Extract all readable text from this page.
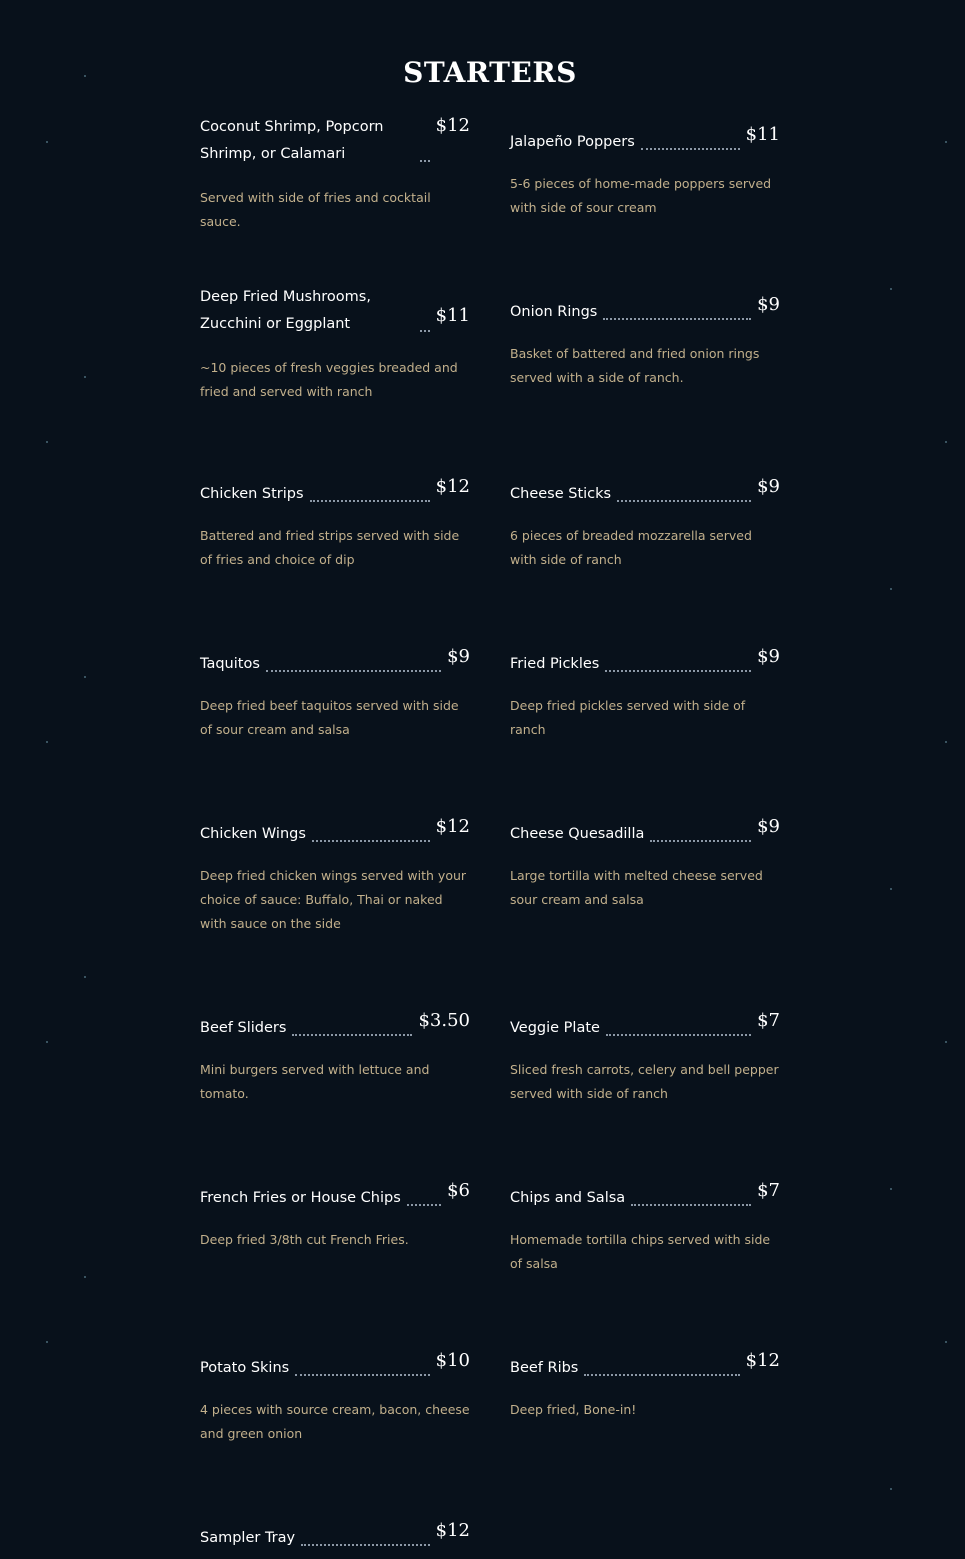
STARTERS
Coconut Shrimp, Popcorn Shrimp, or Calamari
$12
Served with side of fries and cocktail sauce.
Jalapeño Poppers	$11
5-6 pieces of home-made poppers served with side of sour cream
Deep Fried Mushrooms, Zucchini or Eggplant	$11
~10 pieces of fresh veggies breaded and fried and served with ranch
Onion Rings	$9
Basket of battered and fried onion rings served with a side of ranch.
Chicken Strips	$12
Battered and fried strips served with side of fries and choice of dip
Cheese Sticks	$9
6 pieces of breaded mozzarella served with side of ranch
Taquitos	$9
Deep fried beef taquitos served with side of sour cream and salsa
Fried Pickles	$9
Deep fried pickles served with side of ranch
Chicken Wings	$12
Deep fried chicken wings served with your choice of sauce: Buffalo, Thai or naked with sauce on the side
Cheese Quesadilla	$9
Large tortilla with melted cheese served sour cream and salsa
Beef Sliders	$3.50
Mini burgers served with lettuce and tomato.
Veggie Plate	$7
Sliced fresh carrots, celery and bell pepper served with side of ranch
French Fries or House Chips	$6
Deep fried 3/8th cut French Fries.
Chips and Salsa	$7
Homemade tortilla chips served with side of salsa
Potato Skins	$10
4 pieces with source cream, bacon, cheese and green onion
Beef Ribs	$12
Deep fried, Bone-in!
Sampler Tray	$12
